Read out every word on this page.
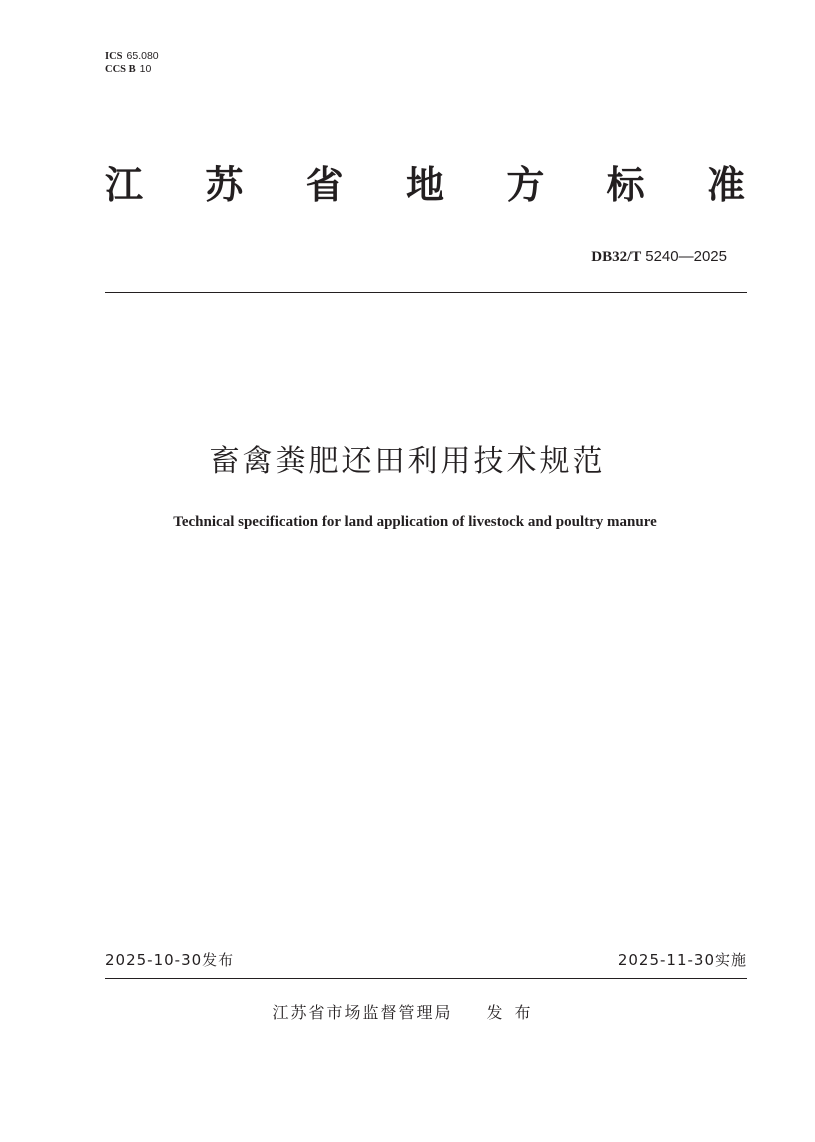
ICS 65.080
CCS B 10
江 苏 省 地 方 标 准
DB32/T 5240—2025
畜禽粪肥还田利用技术规范
Technical specification for land application of livestock and poultry manure
2025-10-30发布	2025-11-30实施
江苏省市场监督管理局 发布
